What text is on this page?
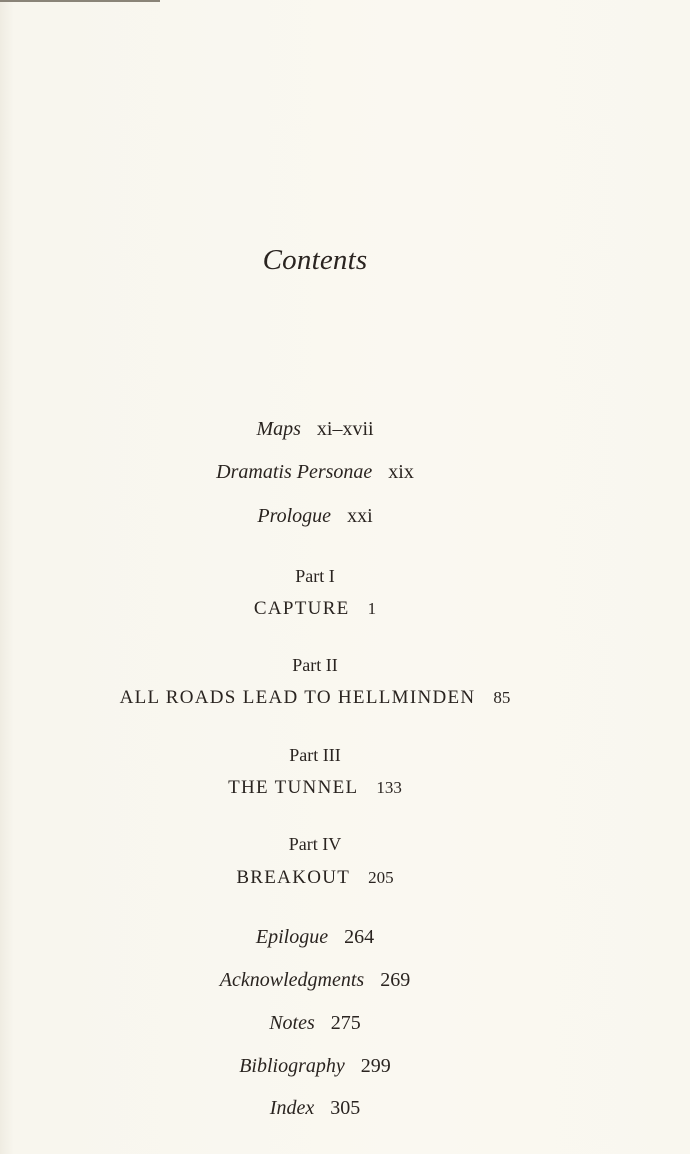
Contents
Maps xi–xvii
Dramatis Personae xix
Prologue xxi
Part I
CAPTURE 1
Part II
ALL ROADS LEAD TO HELLMINDEN 85
Part III
THE TUNNEL 133
Part IV
BREAKOUT 205
Epilogue 264
Acknowledgments 269
Notes 275
Bibliography 299
Index 305
